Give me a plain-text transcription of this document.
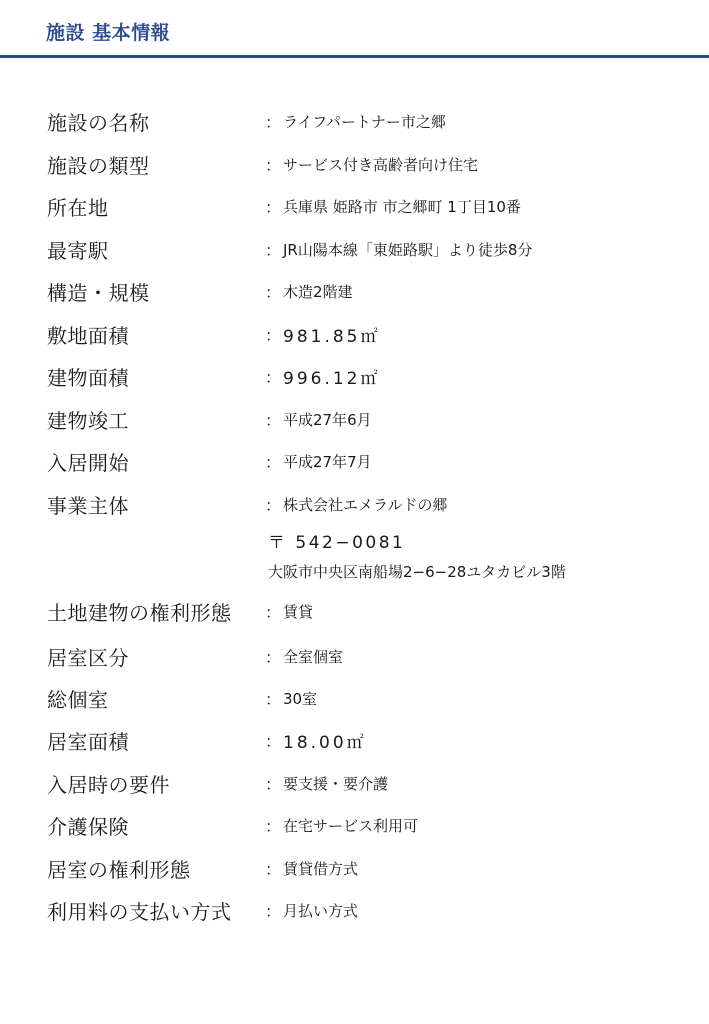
施設 基本情報
施設の名称	： ライフパートナー市之郷
施設の類型	： サービス付き高齢者向け住宅
所在地	： 兵庫県 姫路市 市之郷町 1丁目10番
最寄駅	： JR山陽本線「東姫路駅」より徒歩8分
構造・規模	： 木造2階建
敷地面積	： 981.85㎡
建物面積	： 996.12㎡
建物竣工	： 平成27年6月
入居開始	： 平成27年7月
事業主体	： 株式会社エメラルドの郷
〒 542−0081
大阪市中央区南船場2−6−28ユタカビル3階
土地建物の権利形態 ： 賃貸
居室区分	： 全室個室
総個室	： 30室
居室面積	： 18.00㎡
入居時の要件	： 要支援・要介護
介護保険	： 在宅サービス利用可
居室の権利形態	： 賃貸借方式
利用料の支払い方式 ： 月払い方式
